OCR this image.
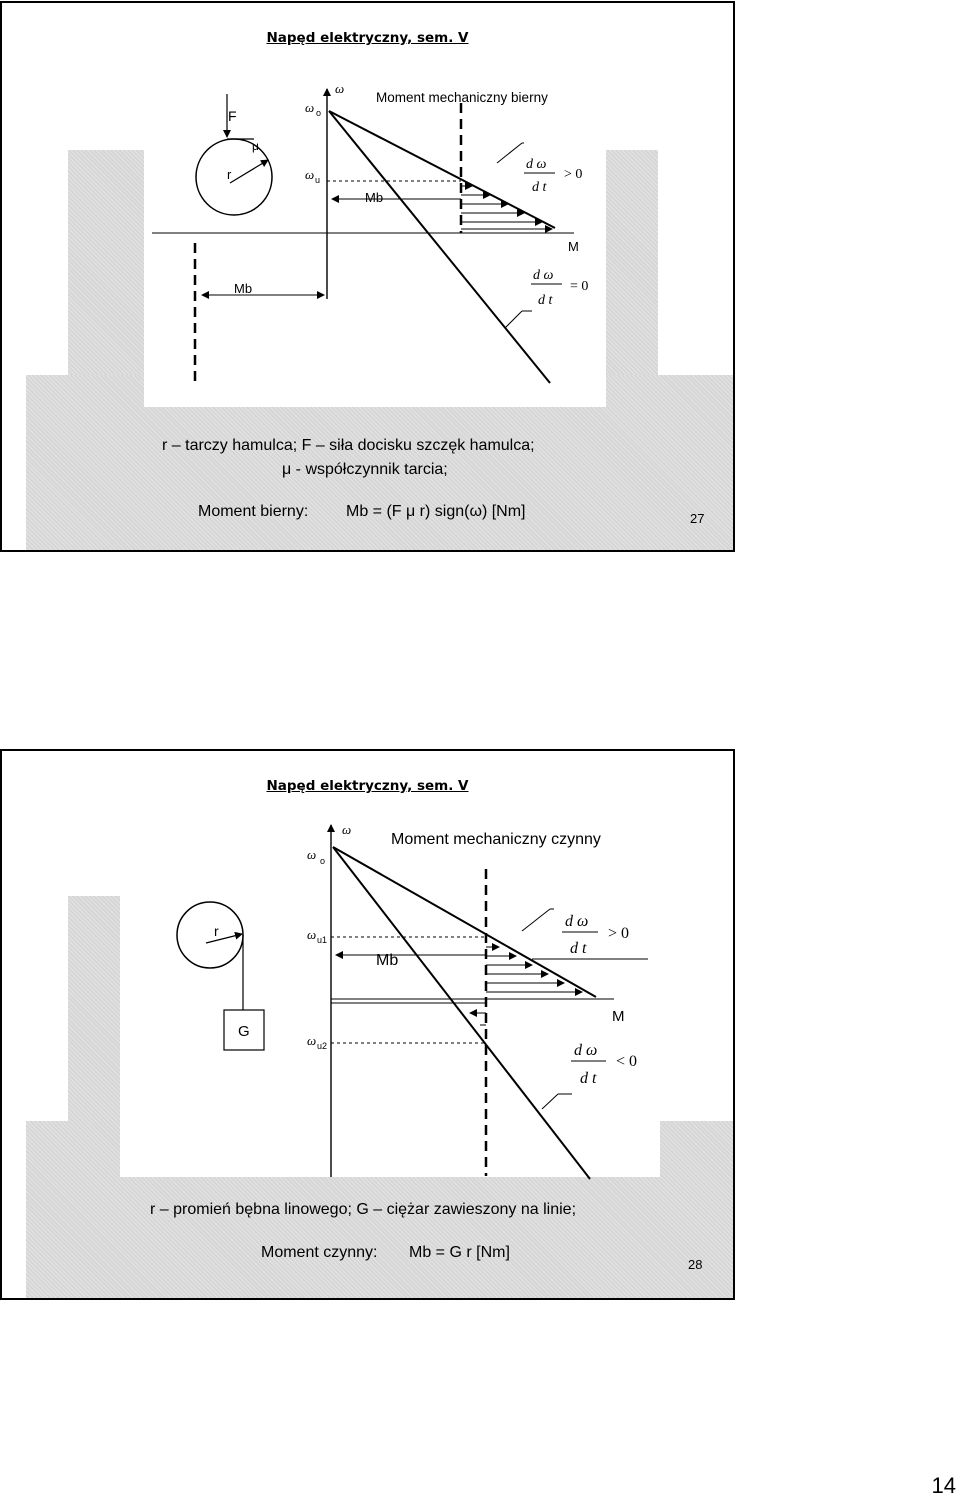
Napęd elektryczny, sem. V
F
μ
r
ω
Moment mechaniczny bierny
ω o
ω u
Mb
Mb
M
d ω
d t
> 0
d ω
d t
= 0
r – tarczy hamulca; F – siła docisku szczęk hamulca;
μ - współczynnik tarcia;
Moment bierny: Mb = (F μ r) sign(ω) [Nm]	27
Napęd elektryczny, sem. V
r
G
ω
Moment mechaniczny czynny
ω o
ω u1
ω u2
Mb
M
d ω
d t
> 0
d ω
d t
< 0
r – promień bębna linowego; G – ciężar zawieszony na linie;
Moment czynny: Mb = G r [Nm]
28
14
